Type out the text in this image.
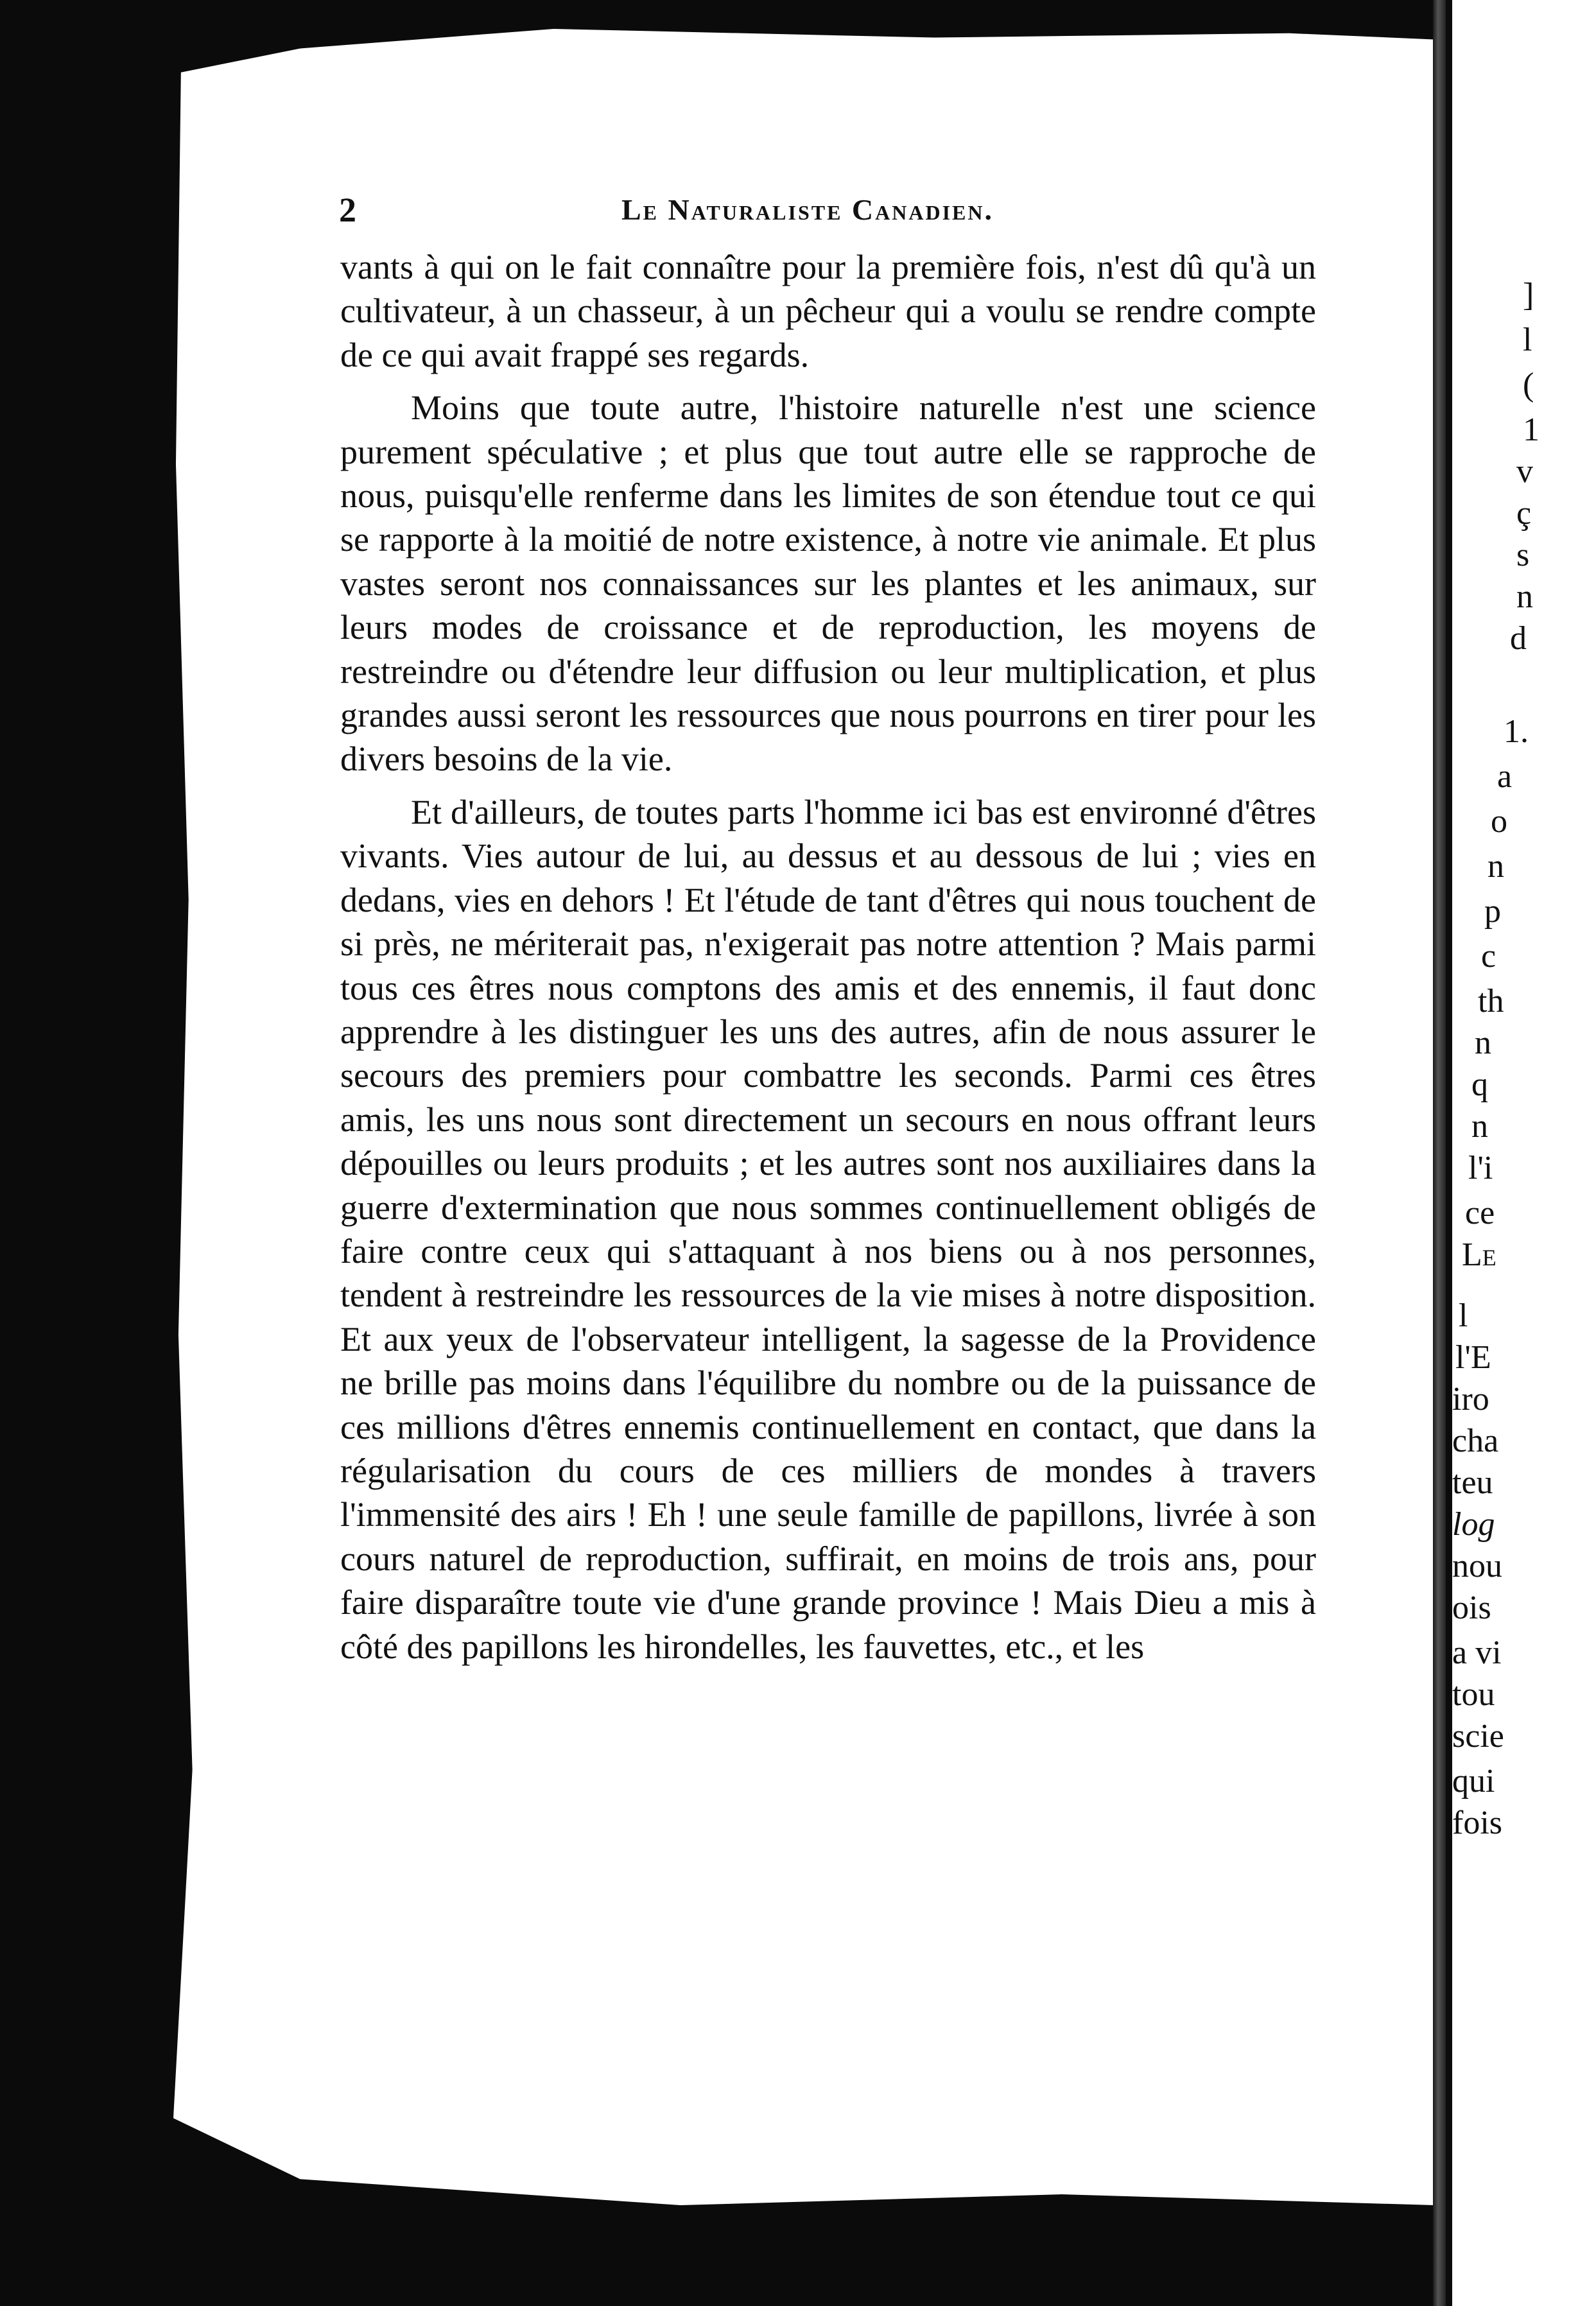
]

l

(

1

v

ç

s

n

d

1.

a

o

n

p

c

th

n

q

n

l'i

ce

Le

l

l'E

iro

cha

teu

log

nou

ois

a vi

tou

scie

qui

fois

2	Le Naturaliste Canadien.

vants à qui on le fait connaître pour la première fois, n'est dû qu'à un cultivateur, à un chasseur, à un pêcheur qui a voulu se rendre compte de ce qui avait frappé ses regards.

Moins que toute autre, l'histoire naturelle n'est une science purement spéculative ; et plus que tout autre elle se rapproche de nous, puisqu'elle renferme dans les limites de son étendue tout ce qui se rapporte à la moitié de notre existence, à notre vie animale. Et plus vastes seront nos connaissances sur les plantes et les animaux, sur leurs modes de croissance et de reproduction, les moyens de restreindre ou d'étendre leur diffusion ou leur multiplication, et plus grandes aussi seront les ressources que nous pourrons en tirer pour les divers besoins de la vie.

Et d'ailleurs, de toutes parts l'homme ici bas est environné d'êtres vivants. Vies autour de lui, au dessus et au dessous de lui ; vies en dedans, vies en dehors ! Et l'étude de tant d'êtres qui nous touchent de si près, ne mériterait pas, n'exigerait pas notre attention ? Mais parmi tous ces êtres nous comptons des amis et des ennemis, il faut donc apprendre à les distinguer les uns des autres, afin de nous assurer le secours des premiers pour combattre les seconds. Parmi ces êtres amis, les uns nous sont directement un secours en nous offrant leurs dépouilles ou leurs produits ; et les autres sont nos auxiliaires dans la guerre d'extermination que nous sommes continuellement obligés de faire contre ceux qui s'attaquant à nos biens ou à nos personnes, tendent à restreindre les ressources de la vie mises à notre disposition. Et aux yeux de l'observateur intelligent, la sagesse de la Providence ne brille pas moins dans l'équilibre du nombre ou de la puissance de ces millions d'êtres ennemis continuellement en contact, que dans la régularisation du cours de ces milliers de mondes à travers l'immensité des airs ! Eh ! une seule famille de papillons, livrée à son cours naturel de reproduction, suffirait, en moins de trois ans, pour faire disparaître toute vie d'une grande province ! Mais Dieu a mis à côté des papillons les hirondelles, les fauvettes, etc., et les
